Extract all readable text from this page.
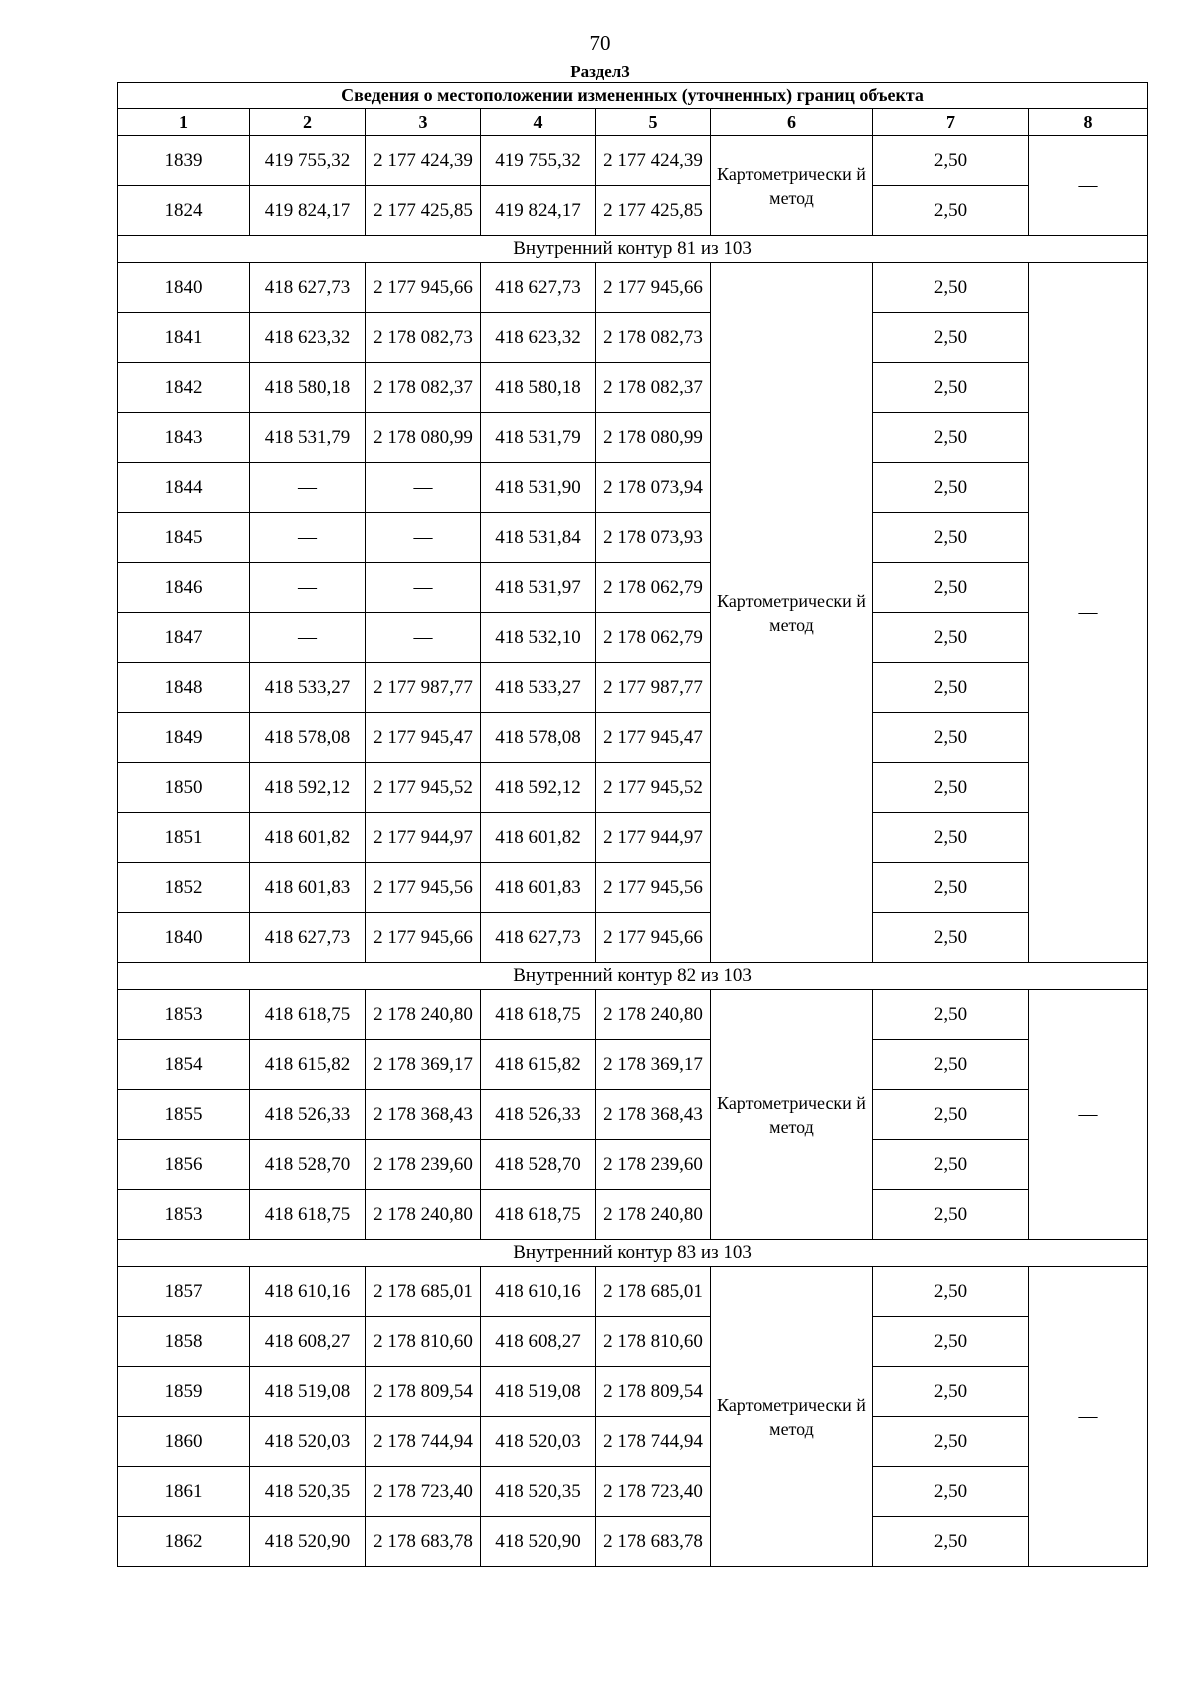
70
Раздел3
Сведения о местоположении измененных (уточненных) границ объекта							
1	2	3	4	5	6	7	8
1839	419 755,32	2 177 424,39	419 755,32	2 177 424,39	Картометрически й метод	2,50	—
1824	419 824,17	2 177 425,85	419 824,17	2 177 425,85		2,50	
Внутренний контур 81 из 103							
1840	418 627,73	2 177 945,66	418 627,73	2 177 945,66	Картометрически й метод	2,50	—
1841	418 623,32	2 178 082,73	418 623,32	2 178 082,73		2,50	
1842	418 580,18	2 178 082,37	418 580,18	2 178 082,37		2,50	
1843	418 531,79	2 178 080,99	418 531,79	2 178 080,99		2,50	
1844	—	—	418 531,90	2 178 073,94		2,50	
1845	—	—	418 531,84	2 178 073,93		2,50	
1846	—	—	418 531,97	2 178 062,79		2,50	
1847	—	—	418 532,10	2 178 062,79		2,50	
1848	418 533,27	2 177 987,77	418 533,27	2 177 987,77		2,50	
1849	418 578,08	2 177 945,47	418 578,08	2 177 945,47		2,50	
1850	418 592,12	2 177 945,52	418 592,12	2 177 945,52		2,50	
1851	418 601,82	2 177 944,97	418 601,82	2 177 944,97		2,50	
1852	418 601,83	2 177 945,56	418 601,83	2 177 945,56		2,50	
1840	418 627,73	2 177 945,66	418 627,73	2 177 945,66		2,50	
Внутренний контур 82 из 103							
1853	418 618,75	2 178 240,80	418 618,75	2 178 240,80	Картометрически й метод	2,50	—
1854	418 615,82	2 178 369,17	418 615,82	2 178 369,17		2,50	
1855	418 526,33	2 178 368,43	418 526,33	2 178 368,43		2,50	
1856	418 528,70	2 178 239,60	418 528,70	2 178 239,60		2,50	
1853	418 618,75	2 178 240,80	418 618,75	2 178 240,80		2,50	
Внутренний контур 83 из 103							
1857	418 610,16	2 178 685,01	418 610,16	2 178 685,01	Картометрически й метод	2,50	—
1858	418 608,27	2 178 810,60	418 608,27	2 178 810,60		2,50	
1859	418 519,08	2 178 809,54	418 519,08	2 178 809,54		2,50	
1860	418 520,03	2 178 744,94	418 520,03	2 178 744,94		2,50	
1861	418 520,35	2 178 723,40	418 520,35	2 178 723,40		2,50	
1862	418 520,90	2 178 683,78	418 520,90	2 178 683,78		2,50	
